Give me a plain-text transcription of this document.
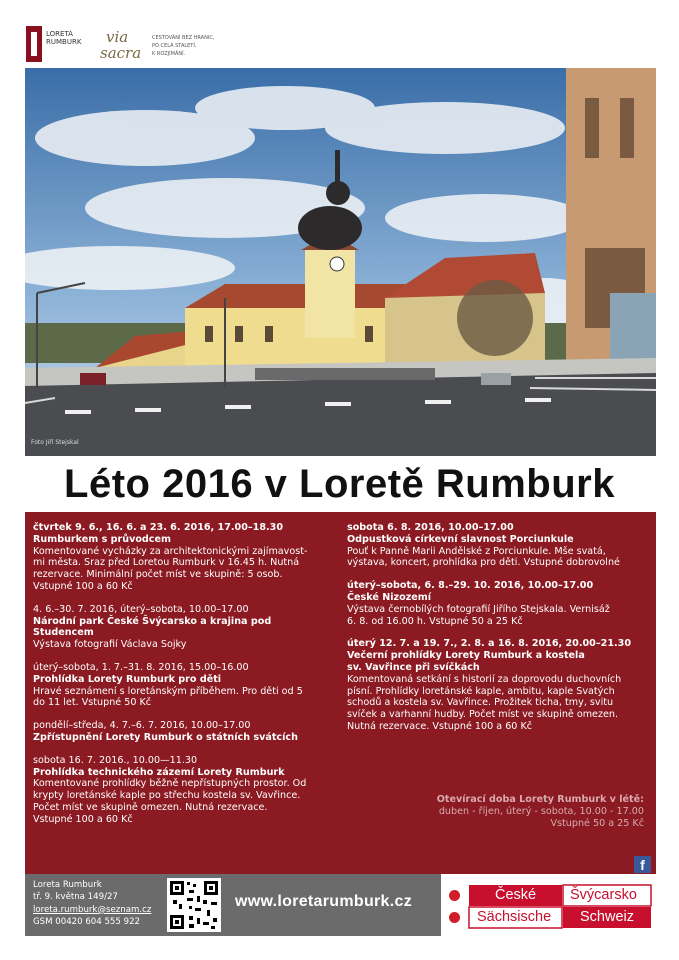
LORETA
RUMBURK via
sacra
CESTOVÁNÍ BEZ HRANIC,
PO CELÁ STALETÍ,
K ROZJÍMÁNÍ.
Foto Jiří Stejskal
Léto 2016 v Loretě Rumburk
čtvrtek 9. 6., 16. 6. a 23. 6. 2016, 17.00–18.30
Rumburkem s průvodcem
Komentované vycházky za architektonickými zajímavost-
mi města. Sraz před Loretou Rumburk v 16.45 h. Nutná
rezervace. Minimální počet míst ve skupině: 5 osob.
Vstupné 100 a 60 Kč
4. 6.–30. 7. 2016, úterý–sobota, 10.00–17.00
Národní park České Švýcarsko a krajina pod Studencem
Výstava fotografií Václava Sojky
úterý–sobota, 1. 7.–31. 8. 2016, 15.00–16.00
Prohlídka Lorety Rumburk pro děti
Hravé seznámení s loretánským příběhem. Pro děti od 5
do 11 let. Vstupné 50 Kč
pondělí–středa, 4. 7.–6. 7. 2016, 10.00–17.00
Zpřístupnění Lorety Rumburk o státních svátcích
sobota 16. 7. 2016., 10.00—11.30
Prohlídka technického zázemí Lorety Rumburk
Komentované prohlídky běžně nepřístupných prostor. Od
krypty loretánské kaple po střechu kostela sv. Vavřince.
Počet míst ve skupině omezen. Nutná rezervace.
Vstupné 100 a 60 Kč
sobota 6. 8. 2016, 10.00–17.00
Odpustková církevní slavnost Porciunkule
Pouť k Panně Marii Andělské z Porciunkule. Mše svatá,
výstava, koncert, prohlídka pro děti. Vstupné dobrovolné
úterý–sobota, 6. 8.–29. 10. 2016, 10.00–17.00
České Nizozemí
Výstava černobílých fotografií Jiřího Stejskala. Vernisáž
6. 8. od 16.00 h. Vstupné 50 a 25 Kč
úterý 12. 7. a 19. 7., 2. 8. a 16. 8. 2016, 20.00–21.30
Večerní prohlídky Lorety Rumburk a kostela
sv. Vavřince při svíčkách
Komentovaná setkání s historií za doprovodu duchovních
písní. Prohlídky loretánské kaple, ambitu, kaple Svatých
schodů a kostela sv. Vavřince. Prožitek ticha, tmy, svitu
svíček a varhanní hudby. Počet míst ve skupině omezen.
Nutná rezervace. Vstupné 100 a 60 Kč
Otevírací doba Lorety Rumburk v létě:
duben - říjen, úterý - sobota, 10.00 - 17.00
Vstupné 50 a 25 Kč
f
Loreta Rumburk
tř. 9. května 149/27
loreta.rumburk@seznam.cz
GSM 00420 604 555 922
www.loretarumburk.cz	České
Sächsische
Švýcarsko
Schweiz
